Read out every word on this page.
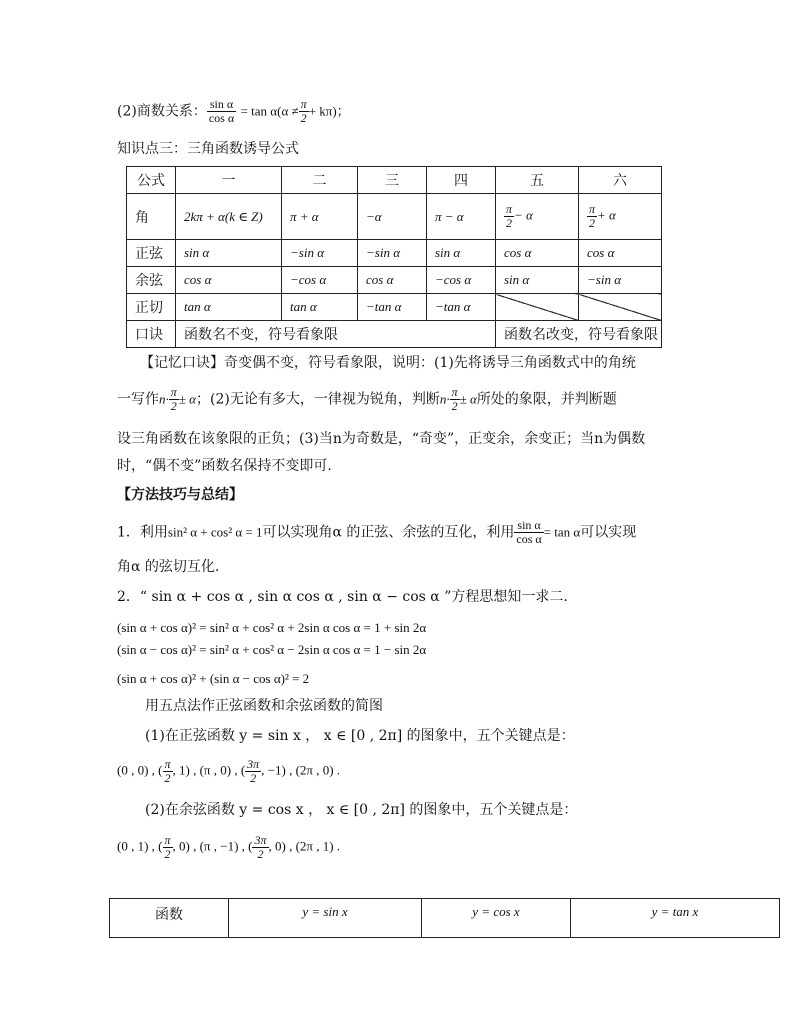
(2)商数关系： $\frac{\text{sin α}}{\text{cos α}} = \tan \alpha(\alpha \ne \frac{\pi}{2} + k\pi)$；
知识点三：三角函数诱导公式
公式	一	二	三	四	五	六
角	2kπ + α(k ∈ Z)	π + α	−α	π − α	$\frac{\pi}{2} - \alpha$	$\frac{\pi}{2} + \alpha$
正弦	sin α	−sin α	−sin α	sin α	cos α	cos α
余弦	cos α	−cos α	cos α	−cos α	sin α	−sin α
正切	tan α	tan α	−tan α	−tan α		
口诀	函数名不变，符号看象限				函数名改变，符号看象限	
【记忆口诀】奇变偶不变，符号看象限，说明：(1)先将诱导三角函数式中的角统
一写作$n\cdot \frac{\pi}{2} \pm \alpha$；(2)无论有多大，一律视为锐角，判断$n\cdot \frac{\pi}{2} \pm \alpha$所处的象限，并判断题
设三角函数在该象限的正负；(3)当n为奇数是，“奇变”，正变余，余变正；当n为偶数
时，“偶不变”函数名保持不变即可.
【方法技巧与总结】
1．利用sin² α + cos² α = 1可以实现角α 的正弦、余弦的互化，利用 $\frac{\text{sin α}}{\text{cos α}} = \tan \alpha$可以实现
角α 的弦切互化.
2．“ sin α + cos α , sin α cos α , sin α − cos α ”方程思想知一求二.
(sin α + cos α)² = sin² α + cos² α + 2sin α cos α = 1 + sin 2α
(sin α − cos α)² = sin² α + cos² α − 2sin α cos α = 1 − sin 2α
(sin α + cos α)² + (sin α − cos α)² = 2
用五点法作正弦函数和余弦函数的简图
(1)在正弦函数 y = sin x ， x ∈ [0 , 2π] 的图象中，五个关键点是：
(0 , 0) , ( $\frac{\pi}{2}$ , 1) , (π , 0) , ( $\frac{3\pi}{2}$ , −1) , (2π , 0) .
(2)在余弦函数 y = cos x ， x ∈ [0 , 2π] 的图象中，五个关键点是：
(0 , 1) , ( $\frac{\pi}{2}$ , 0) , (π , −1) , ( $\frac{3\pi}{2}$ , 0) , (2π , 1) .
函数	y = sin x	y = cos x	y = tan x
